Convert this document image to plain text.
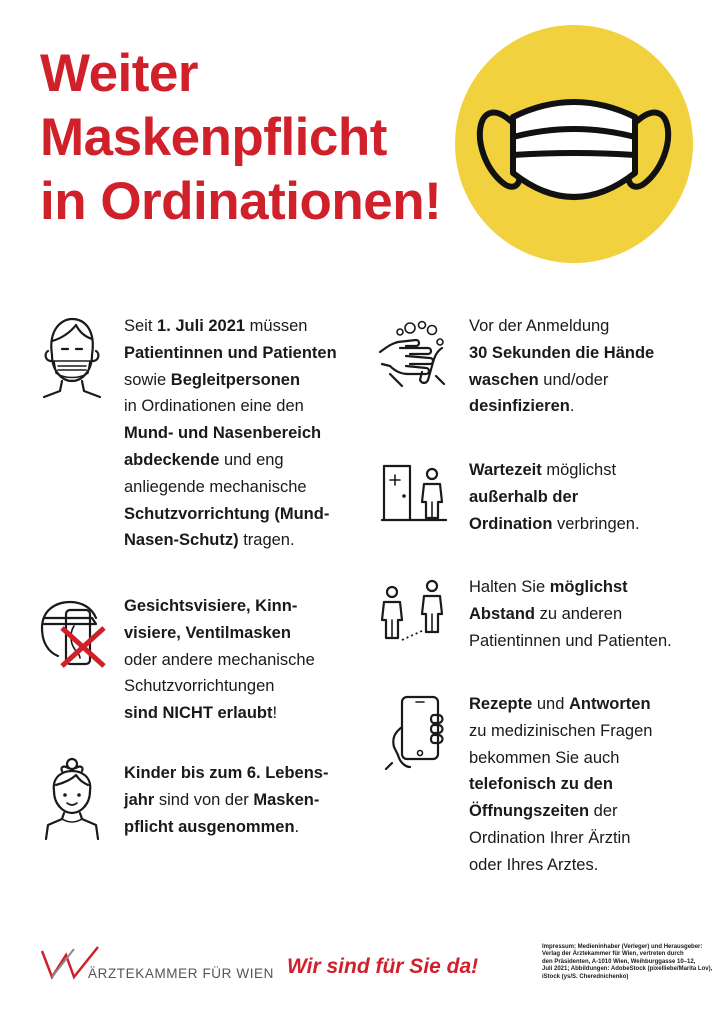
Weiter
Maskenpflicht
in Ordinationen!
Seit 1. Juli 2021 müssen
Patientinnen und Patienten
sowie Begleitpersonen
in Ordinationen eine den
Mund- und Nasenbereich
abdeckende und eng
anliegende mechanische
Schutzvorrichtung (Mund-
Nasen-Schutz) tragen.
Gesichtsvisiere, Kinn-
visiere, Ventilmasken
oder andere mechanische
Schutzvorrichtungen
sind NICHT erlaubt!
Kinder bis zum 6. Lebens-
jahr sind von der Masken-
pflicht ausgenommen.
Vor der Anmeldung
30 Sekunden die Hände
waschen und/oder
desinfizieren.
Wartezeit möglichst
außerhalb der
Ordination verbringen.
Halten Sie möglichst
Abstand zu anderen
Patientinnen und Patienten.
Rezepte und Antworten
zu medizinischen Fragen
bekommen Sie auch
telefonisch zu den
Öffnungszeiten der
Ordination Ihrer Ärztin
oder Ihres Arztes.
ÄRZTEKAMMER FÜR WIEN Wir sind für Sie da!
Impressum: Medieninhaber (Verleger) und Herausgeber:
Verlag der Ärztekammer für Wien, vertreten durch
den Präsidenten, A-1010 Wien, Weihburggasse 10–12,
Juli 2021; Abbildungen: AdobeStock (pixelliebe/Marita Lov),
iStock (ys/S. Cherednichenko)
